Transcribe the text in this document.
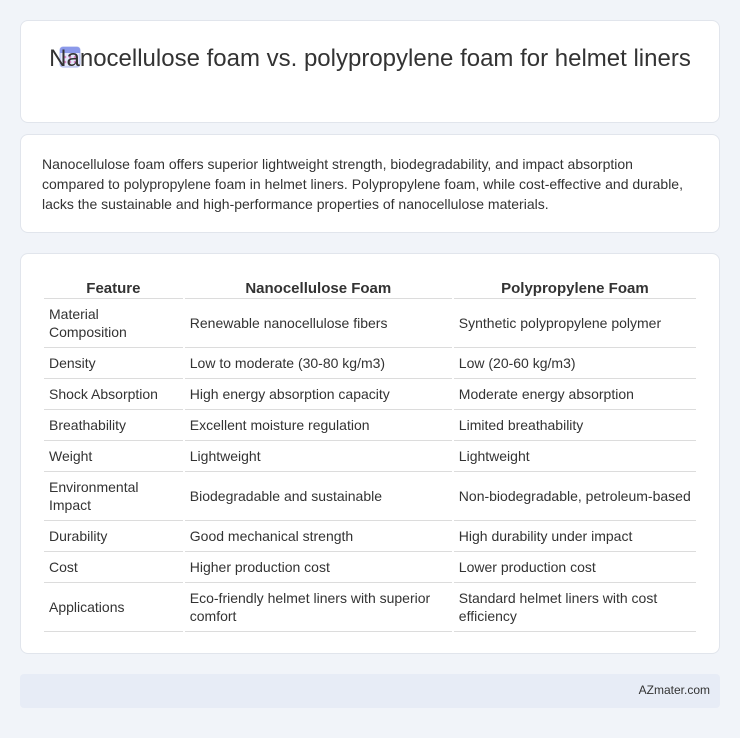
Nanocellulose foam vs. polypropylene foam for helmet liners

Nanocellulose foam offers superior lightweight strength, biodegradability, and impact absorption compared to polypropylene foam in helmet liners. Polypropylene foam, while cost-effective and durable, lacks the sustainable and high-performance properties of nanocellulose materials.

Feature	Nanocellulose Foam	Polypropylene Foam
Material Composition	Renewable nanocellulose fibers	Synthetic polypropylene polymer
Density	Low to moderate (30-80 kg/m3)	Low (20-60 kg/m3)
Shock Absorption	High energy absorption capacity	Moderate energy absorption
Breathability	Excellent moisture regulation	Limited breathability
Weight	Lightweight	Lightweight
Environmental Impact	Biodegradable and sustainable	Non-biodegradable, petroleum-based
Durability	Good mechanical strength	High durability under impact
Cost	Higher production cost	Lower production cost
Applications	Eco-friendly helmet liners with superior comfort	Standard helmet liners with cost efficiency
AZmater.com
